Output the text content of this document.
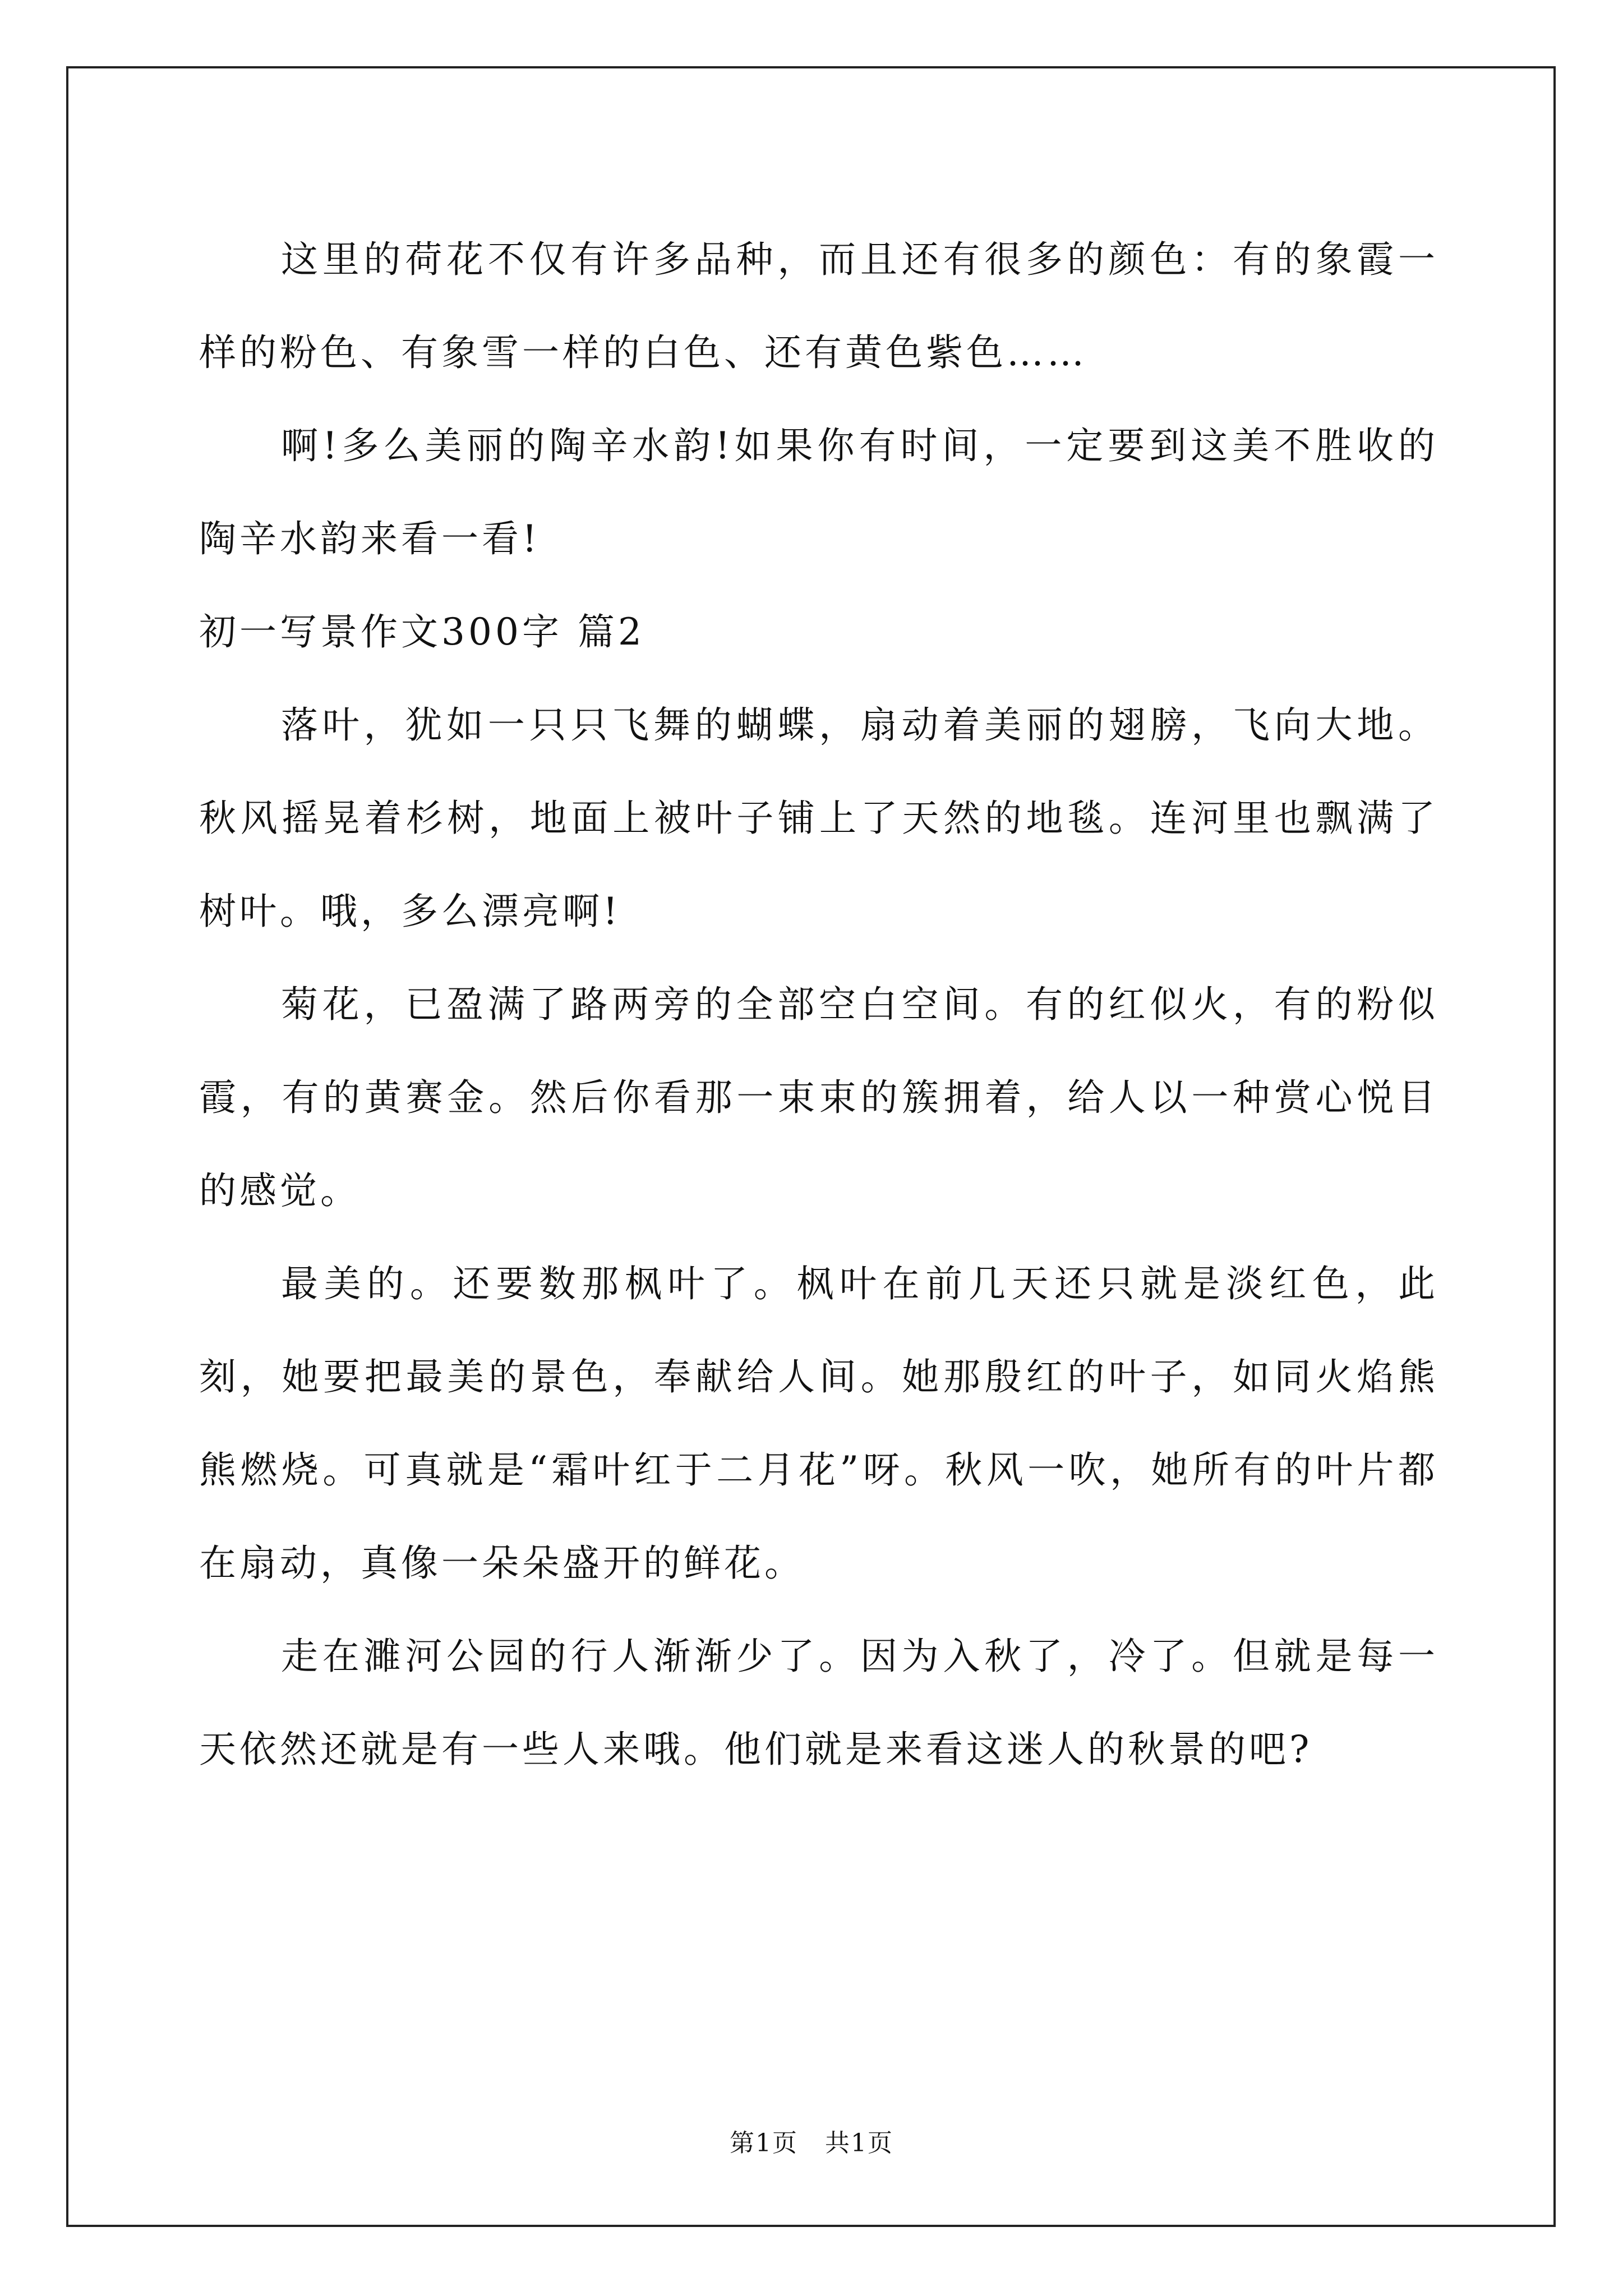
这里的荷花不仅有许多品种，而且还有很多的颜色：有的象霞一样的粉色、有象雪一样的白色、还有黄色紫色……

啊!多么美丽的陶辛水韵!如果你有时间，一定要到这美不胜收的陶辛水韵来看一看!

初一写景作文300字 篇2

落叶，犹如一只只飞舞的蝴蝶，扇动着美丽的翅膀，飞向大地。秋风摇晃着杉树，地面上被叶子铺上了天然的地毯。连河里也飘满了树叶。哦，多么漂亮啊!

菊花，已盈满了路两旁的全部空白空间。有的红似火，有的粉似霞，有的黄赛金。然后你看那一束束的簇拥着，给人以一种赏心悦目的感觉。

最美的。还要数那枫叶了。枫叶在前几天还只就是淡红色，此刻，她要把最美的景色，奉献给人间。她那殷红的叶子，如同火焰熊熊燃烧。可真就是“霜叶红于二月花”呀。秋风一吹，她所有的叶片都在扇动，真像一朵朵盛开的鲜花。

走在濉河公园的行人渐渐少了。因为入秋了，冷了。但就是每一天依然还就是有一些人来哦。他们就是来看这迷人的秋景的吧?

第1页 共1页
